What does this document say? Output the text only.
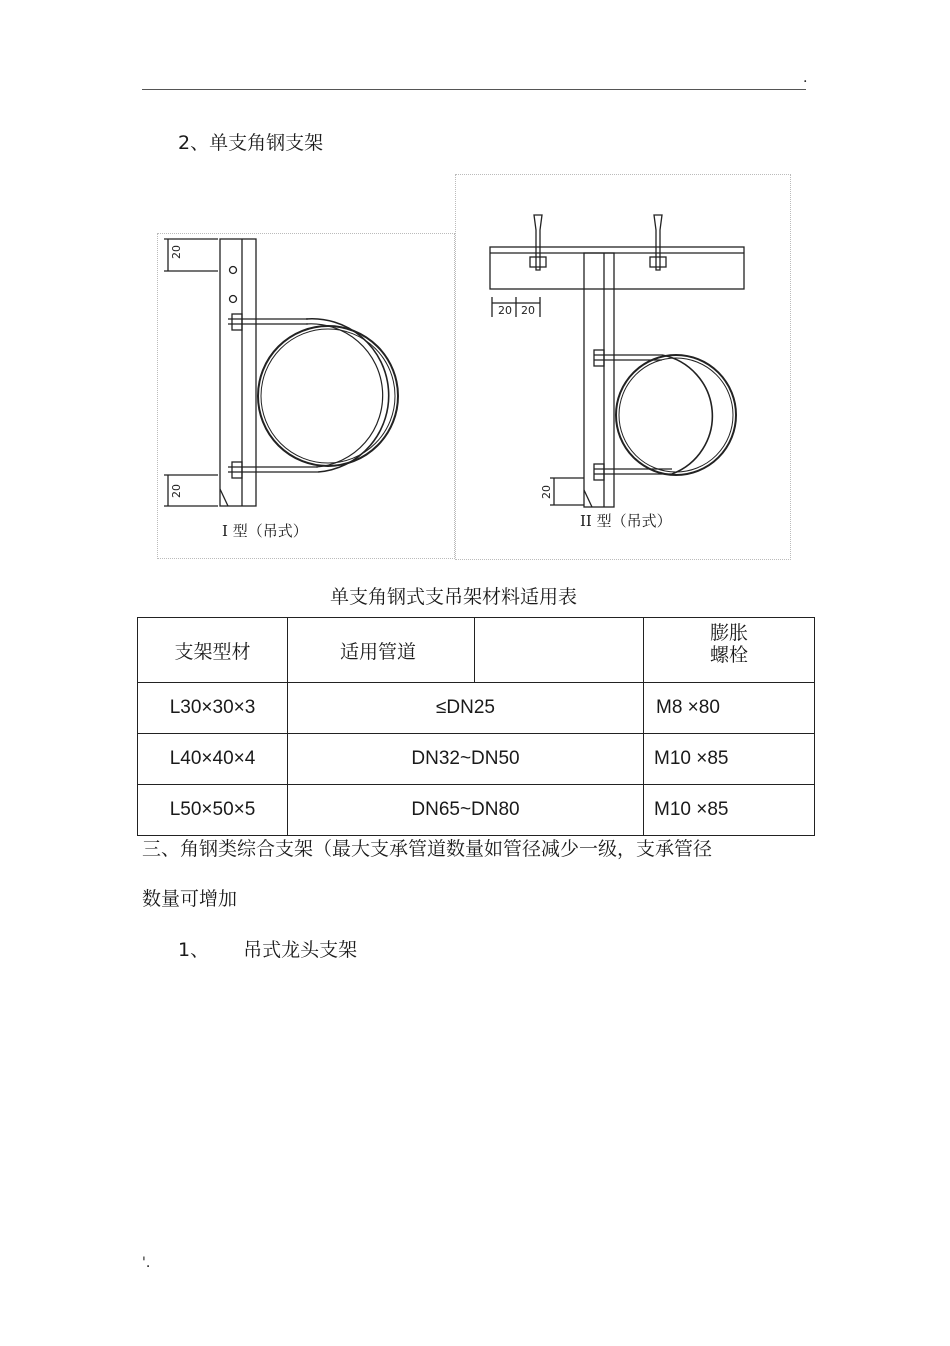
.
2、单支角钢支架
20
20
I 型（吊式）
20 20
20
II 型（吊式）
单支角钢式支吊架材料适用表
支架型材	适用管道		膨胀
螺栓

L30×30×3	≤DN25		M8 ×80
L40×40×4	DN32~DN50		M10 ×85
L50×50×5	DN65~DN80		M10 ×85
三、角钢类综合支架（最大支承管道数量如管径减少一级，支承管径
数量可增加
1、 吊式龙头支架
'.
